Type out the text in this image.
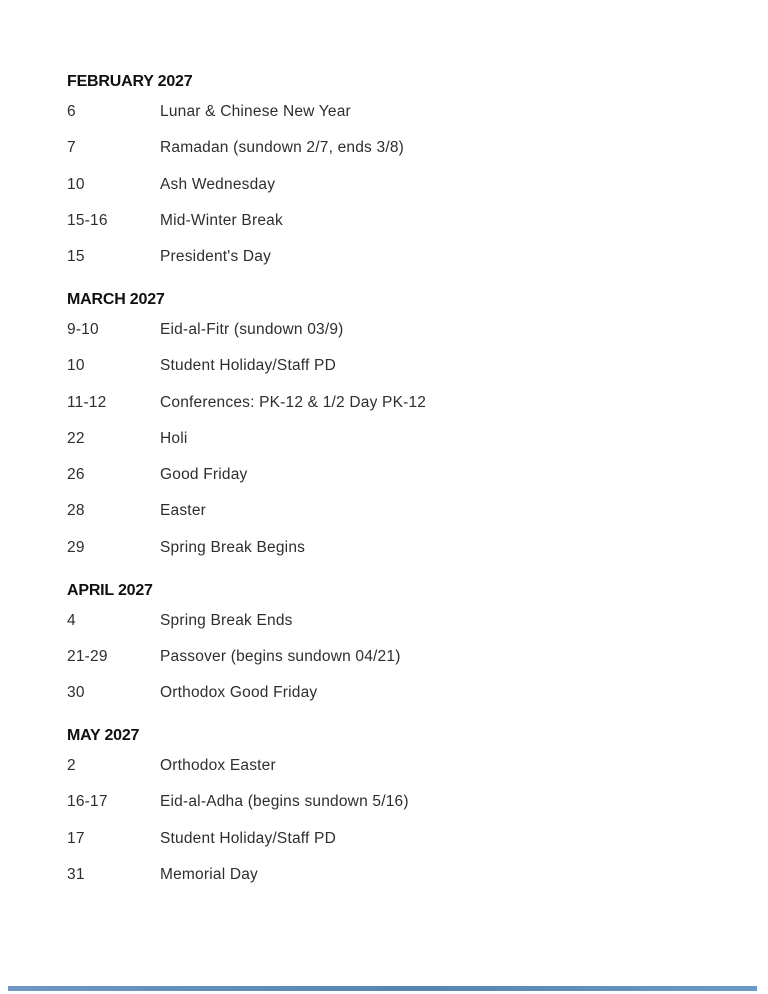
FEBRUARY 2027
6	Lunar & Chinese New Year
7	Ramadan (sundown 2/7, ends 3/8)
10	Ash Wednesday
15-16	Mid-Winter Break
15	President's Day
MARCH 2027
9-10	Eid-al-Fitr (sundown 03/9)
10	Student Holiday/Staff PD
11-12	Conferences: PK-12 & 1/2 Day PK-12
22	Holi
26	Good Friday
28	Easter
29	Spring Break Begins
APRIL 2027
4	Spring Break Ends
21-29	Passover (begins sundown 04/21)
30	Orthodox Good Friday
MAY 2027
2	Orthodox Easter
16-17	Eid-al-Adha (begins sundown 5/16)
17	Student Holiday/Staff PD
31	Memorial Day
